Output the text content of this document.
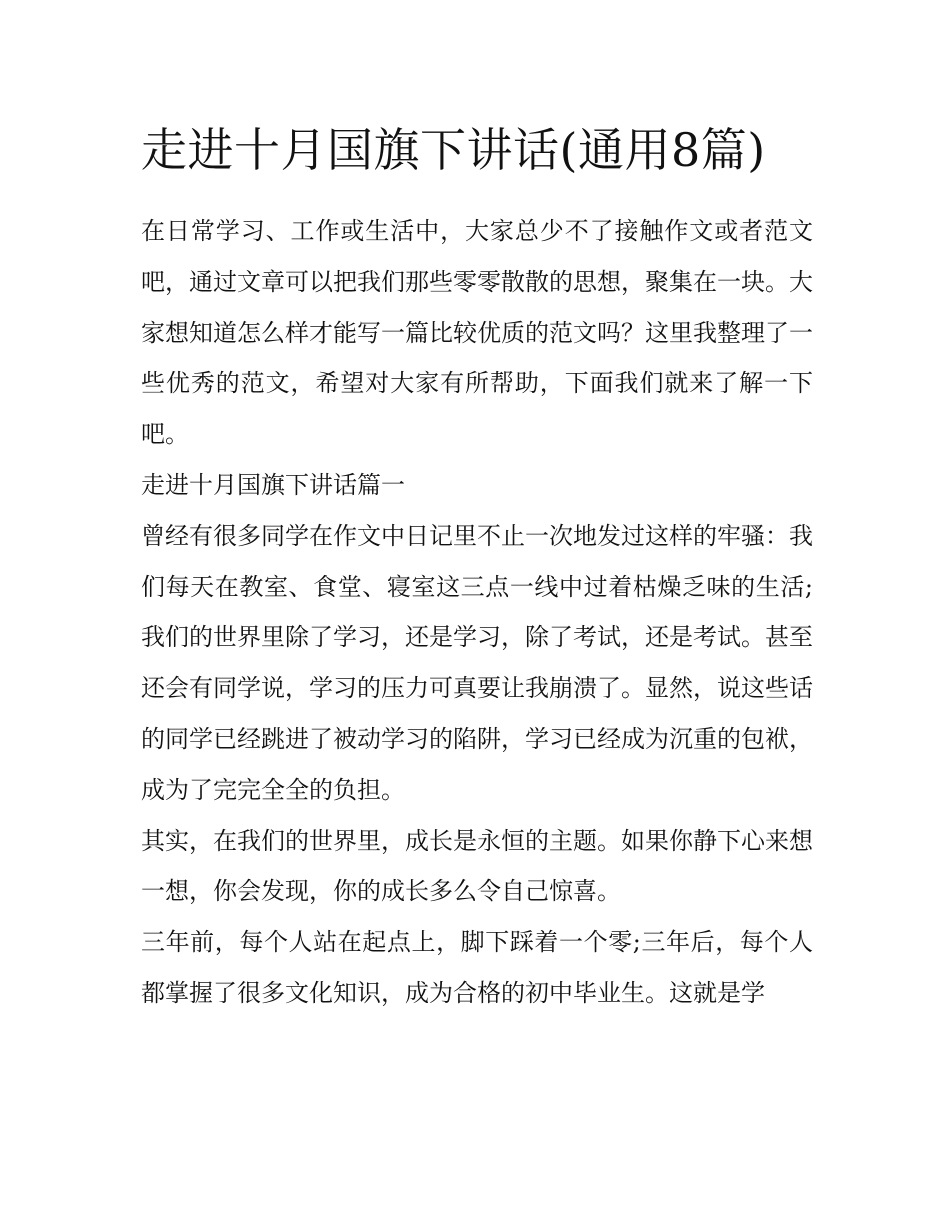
走进十月国旗下讲话(通用8篇)

在日常学习、工作或生活中，大家总少不了接触作文或者范文吧，通过文章可以把我们那些零零散散的思想，聚集在一块。大家想知道怎么样才能写一篇比较优质的范文吗？这里我整理了一些优秀的范文，希望对大家有所帮助，下面我们就来了解一下吧。

走进十月国旗下讲话篇一

曾经有很多同学在作文中日记里不止一次地发过这样的牢骚：我们每天在教室、食堂、寝室这三点一线中过着枯燥乏味的生活;我们的世界里除了学习，还是学习，除了考试，还是考试。甚至还会有同学说，学习的压力可真要让我崩溃了。显然，说这些话的同学已经跳进了被动学习的陷阱，学习已经成为沉重的包袱，成为了完完全全的负担。

其实，在我们的世界里，成长是永恒的主题。如果你静下心来想一想，你会发现，你的成长多么令自己惊喜。

三年前，每个人站在起点上，脚下踩着一个零;三年后，每个人都掌握了很多文化知识，成为合格的初中毕业生。这就是学
